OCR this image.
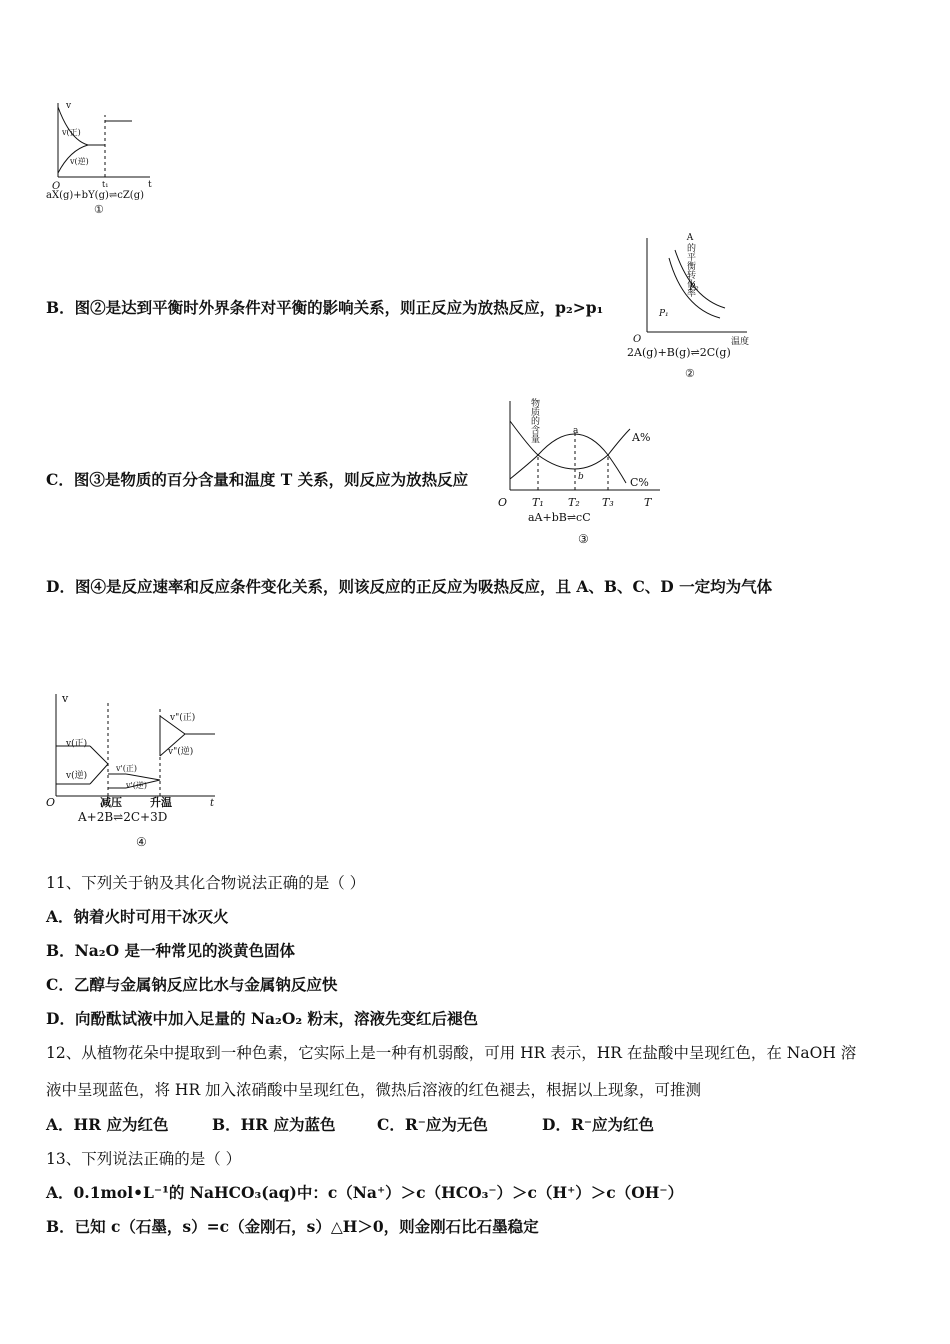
v
O	t
v(正)
v(逆)
t₁
aX(g)+bY(g)⇌cZ(g)
①
B．图②是达到平衡时外界条件对平衡的影响关系，则正反应为放热反应，p₂>p₁
A的平衡转化率
P₂
P₁
O	温度
2A(g)+B(g)⇌2C(g)
②
C．图③是物质的百分含量和温度 T 关系，则反应为放热反应
物质的含量
a
b
A%
C%
O T₁ T₂ T₃	T
aA+bB⇌cC
③
D．图④是反应速率和反应条件变化关系，则该反应的正反应为吸热反应，且 A、B、C、D 一定均为气体
v
O	t
v(正)
v(逆)
v'(正)
v'(逆)
v"(正)
v"(逆)
减压	升温
A+2B⇌2C+3D
④
11、下列关于钠及其化合物说法正确的是（ ）
A．钠着火时可用干冰灭火
B．Na₂O 是一种常见的淡黄色固体
C．乙醇与金属钠反应比水与金属钠反应快
D．向酚酞试液中加入足量的 Na₂O₂ 粉末，溶液先变红后褪色
12、从植物花朵中提取到一种色素，它实际上是一种有机弱酸，可用 HR 表示，HR 在盐酸中呈现红色，在 NaOH 溶
液中呈现蓝色，将 HR 加入浓硝酸中呈现红色，微热后溶液的红色褪去，根据以上现象，可推测
A．HR 应为红色	B．HR 应为蓝色	C．R⁻应为无色	D．R⁻应为红色
13、下列说法正确的是（ ）
A．0.1mol•L⁻¹的 NaHCO₃(aq)中：c（Na⁺）＞c（HCO₃⁻）＞c（H⁺）＞c（OH⁻）
B．已知 c（石墨，s）=c（金刚石，s）△H＞0，则金刚石比石墨稳定
